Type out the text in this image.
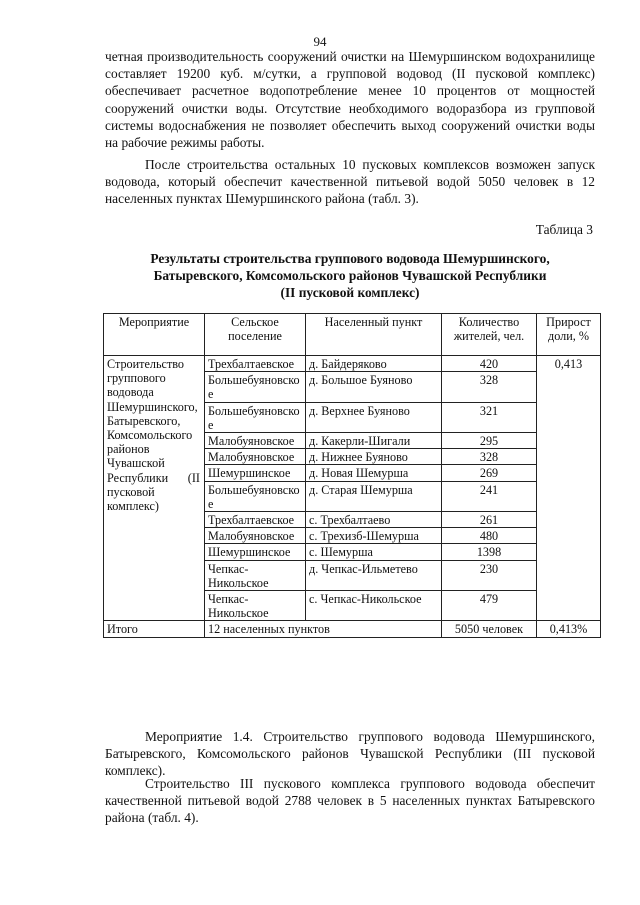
94

четная производительность сооружений очистки на Шемуршинском водохранилище составляет 19200 куб. м/сутки, а групповой водовод (II пусковой комплекс) обеспечивает расчетное водопотребление менее 10 процентов от мощностей сооружений очистки воды. Отсутствие необходимого водоразбора из групповой системы водоснабжения не позволяет обеспечить выход сооружений очистки воды на рабочие режимы работы.

После строительства остальных 10 пусковых комплексов возможен запуск водовода, который обеспечит качественной питьевой водой 5050 человек в 12 населенных пунктах Шемуршинского района (табл. 3).

Таблица 3
Результаты строительства группового водовода Шемуршинского,
Батыревского, Комсомольского районов Чувашской Республики
(II пусковой комплекс)
Мероприятие	Сельское поселение	Населенный пункт	Количество жителей, чел.	Прирост доли, %
Строительство группового водовода Шемуршинского, Батыревского, Комсомольского районов Чувашской Республики (II пусковой комплекс)	Трехбалтаевское	д. Байдеряково	420	0,413
	Большебуяновское	д. Большое Буяново	328	
	Большебуяновское	д. Верхнее Буяново	321	
	Малобуяновское	д. Какерли-Шигали	295	
	Малобуяновское	д. Нижнее Буяново	328	
	Шемуршинское	д. Новая Шемурша	269	
	Большебуяновское	д. Старая Шемурша	241	
	Трехбалтаевское	с. Трехбалтаево	261	
	Малобуяновское	с. Трехизб-Шемурша	480	
	Шемуршинское	с. Шемурша	1398	
	Чепкас-Никольское	д. Чепкас-Ильметево	230	
	Чепкас-Никольское	с. Чепкас-Никольское	479	
Итого	12 населенных пунктов		5050 человек	0,413%

Мероприятие 1.4. Строительство группового водовода Шемуршинского, Батыревского, Комсомольского районов Чувашской Республики (III пусковой комплекс).

Строительство III пускового комплекса группового водовода обеспечит качественной питьевой водой 2788 человек в 5 населенных пунктах Батыревского района (табл. 4).
